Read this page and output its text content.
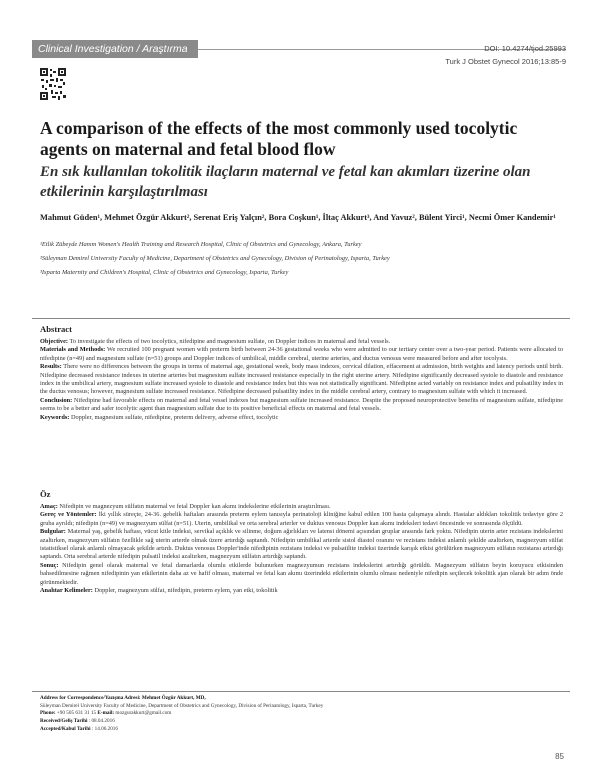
Clinical Investigation / Araştırma	DOI: 10.4274/tjod.25993
Turk J Obstet Gynecol 2016;13:85-9
A comparison of the effects of the most commonly used tocolytic agents on maternal and fetal blood flow
En sık kullanılan tokolitik ilaçların maternal ve fetal kan akımları üzerine olan etkilerinin karşılaştırılması
Mahmut Güden¹, Mehmet Özgür Akkurt², Serenat Eriş Yalçın², Bora Coşkun¹, İltaç Akkurt³, And Yavuz², Bülent Yirci¹, Necmi Ömer Kandemir¹
¹Etlik Zübeyde Hanım Women's Health Training and Research Hospital, Clinic of Obstetrics and Gynecology, Ankara, Turkey
²Süleyman Demirel University Faculty of Medicine, Department of Obstetrics and Gynecology, Division of Perinatology, Isparta, Turkey
³Isparta Maternity and Children's Hospital, Clinic of Obstetrics and Gynecology, Isparta, Turkey
Abstract
Objective: To investigate the effects of two tocolytics, nifedipine and magnesium sulfate, on Doppler indices in maternal and fetal vessels.
Materials and Methods: We recruited 100 pregnant women with preterm birth between 24-36 gestational weeks who were admitted to our tertiary center over a two-year period. Patients were allocated to nifedipine (n=49) and magnesium sulfate (n=51) groups and Doppler indices of umbilical, middle cerebral, uterine arteries, and ductus venosus were measured before and after tocolysis.
Results: There were no differences between the groups in terms of maternal age, gestational week, body mass indexes, cervical dilation, effacement at admission, birth weights and latency periods until birth. Nifedipine decreased resistance indexes in uterine arteries but magnesium sulfate increased resistance especially in the right uterine artery. Nifedipine significantly decreased systole to diastole and resistance index in the umbilical artery, magnesium sulfate increased systole to diastole and resistance index but this was not statistically significant. Nifedipine acted variably on resistance index and pulsatility index in the ductus venosus; however, magnesium sulfate increased resistance. Nifedipine decreased pulsatility index in the middle cerebral artery, contrary to magnesium sulfate with which it increased.
Conclusion: Nifedipine had favorable effects on maternal and fetal vessel indexes but magnesium sulfate increased resistance. Despite the proposed neuroprotective benefits of magnesium sulfate, nifedipine seems to be a better and safer tocolytic agent than magnesium sulfate due to its positive beneficial effects on maternal and fetal vessels.
Keywords: Doppler, magnesium sulfate, nifedipine, preterm delivery, adverse effect, tocolytic
Öz
Amaç: Nifedipin ve magnezyum sülfatın maternal ve fetal Doppler kan akımı indekslerine etkilerinin araştırılması.
Gereç ve Yöntemler: İki yıllık süreçte, 24-36. gebelik haftaları arasında preterm eylem tanısıyla perinatoloji kliniğine kabul edilen 100 hasta çalışmaya alındı. Hastalar aldıkları tokolitik tedaviye göre 2 gruba ayrıldı; nifedipin (n=49) ve magnezyum sülfat (n=51). Uterin, umbilikal ve orta serebral arterler ve duktus venosus Doppler kan akımı indeksleri tedavi öncesinde ve sonrasında ölçüldü.
Bulgular: Maternal yaş, gebelik haftası, vücut kitle indeksi, servikal açıklık ve silinme, doğum ağırlıkları ve latensi dönemi açısından gruplar arasında fark yoktu. Nifedipin uterin arter rezistans indekslerini azaltırken, magnezyum sülfatın özellikle sağ uterin arterde olmak üzere artırdığı saptandı. Nifedipin umbilikal arterde sistol diastol oranını ve rezistans indeksi anlamlı şekilde azaltırken, magnezyum sülfat istatistiksel olarak anlamlı olmayacak şekilde artırdı. Duktus venosus Doppler'inde nifedipinin rezistans indeksi ve pulsatilite indeksi üzerinde karışık etkisi görülürken magnezyum sülfatın rezistansı artırdığı saptandı. Orta serebral arterde nifedipin pulsatil indeksi azaltırken, magnezyum sülfatın artırdığı saptandı.
Sonuç: Nifedipin genel olarak maternal ve fetal damarlarda olumlu etkilerde bulunurken magnezyumun rezistans indekslerini artırdığı görüldü. Magnezyum sülfatın beyin koruyucu etkisinden bahsedilmesine rağmen nifedipinin yan etkilerinin daha az ve hafif olması, maternal ve fetal kan akımı üzerindeki etkilerinin olumlu olması nedeniyle nifedipin seçilecek tokolitik ajan olarak bir adım önde görünmektedir.
Anahtar Kelimeler: Doppler, magnezyum sülfat, nifedipin, preterm eylem, yan etki, tokolitik
Address for Correspondence/Yazışma Adresi: Mehmet Özgür Akkurt, MD,
Süleyman Demirel University Faculty of Medicine, Department of Obstetrics and Gynecology, Division of Perinatology, Isparta, Turkey
Phone: +90 505 631 31 15 E-mail: mozgurakkurt@gmail.com
Received/Geliş Tarihi : 08.04.2016
Accepted/Kabul Tarihi : 14.06.2016
85
